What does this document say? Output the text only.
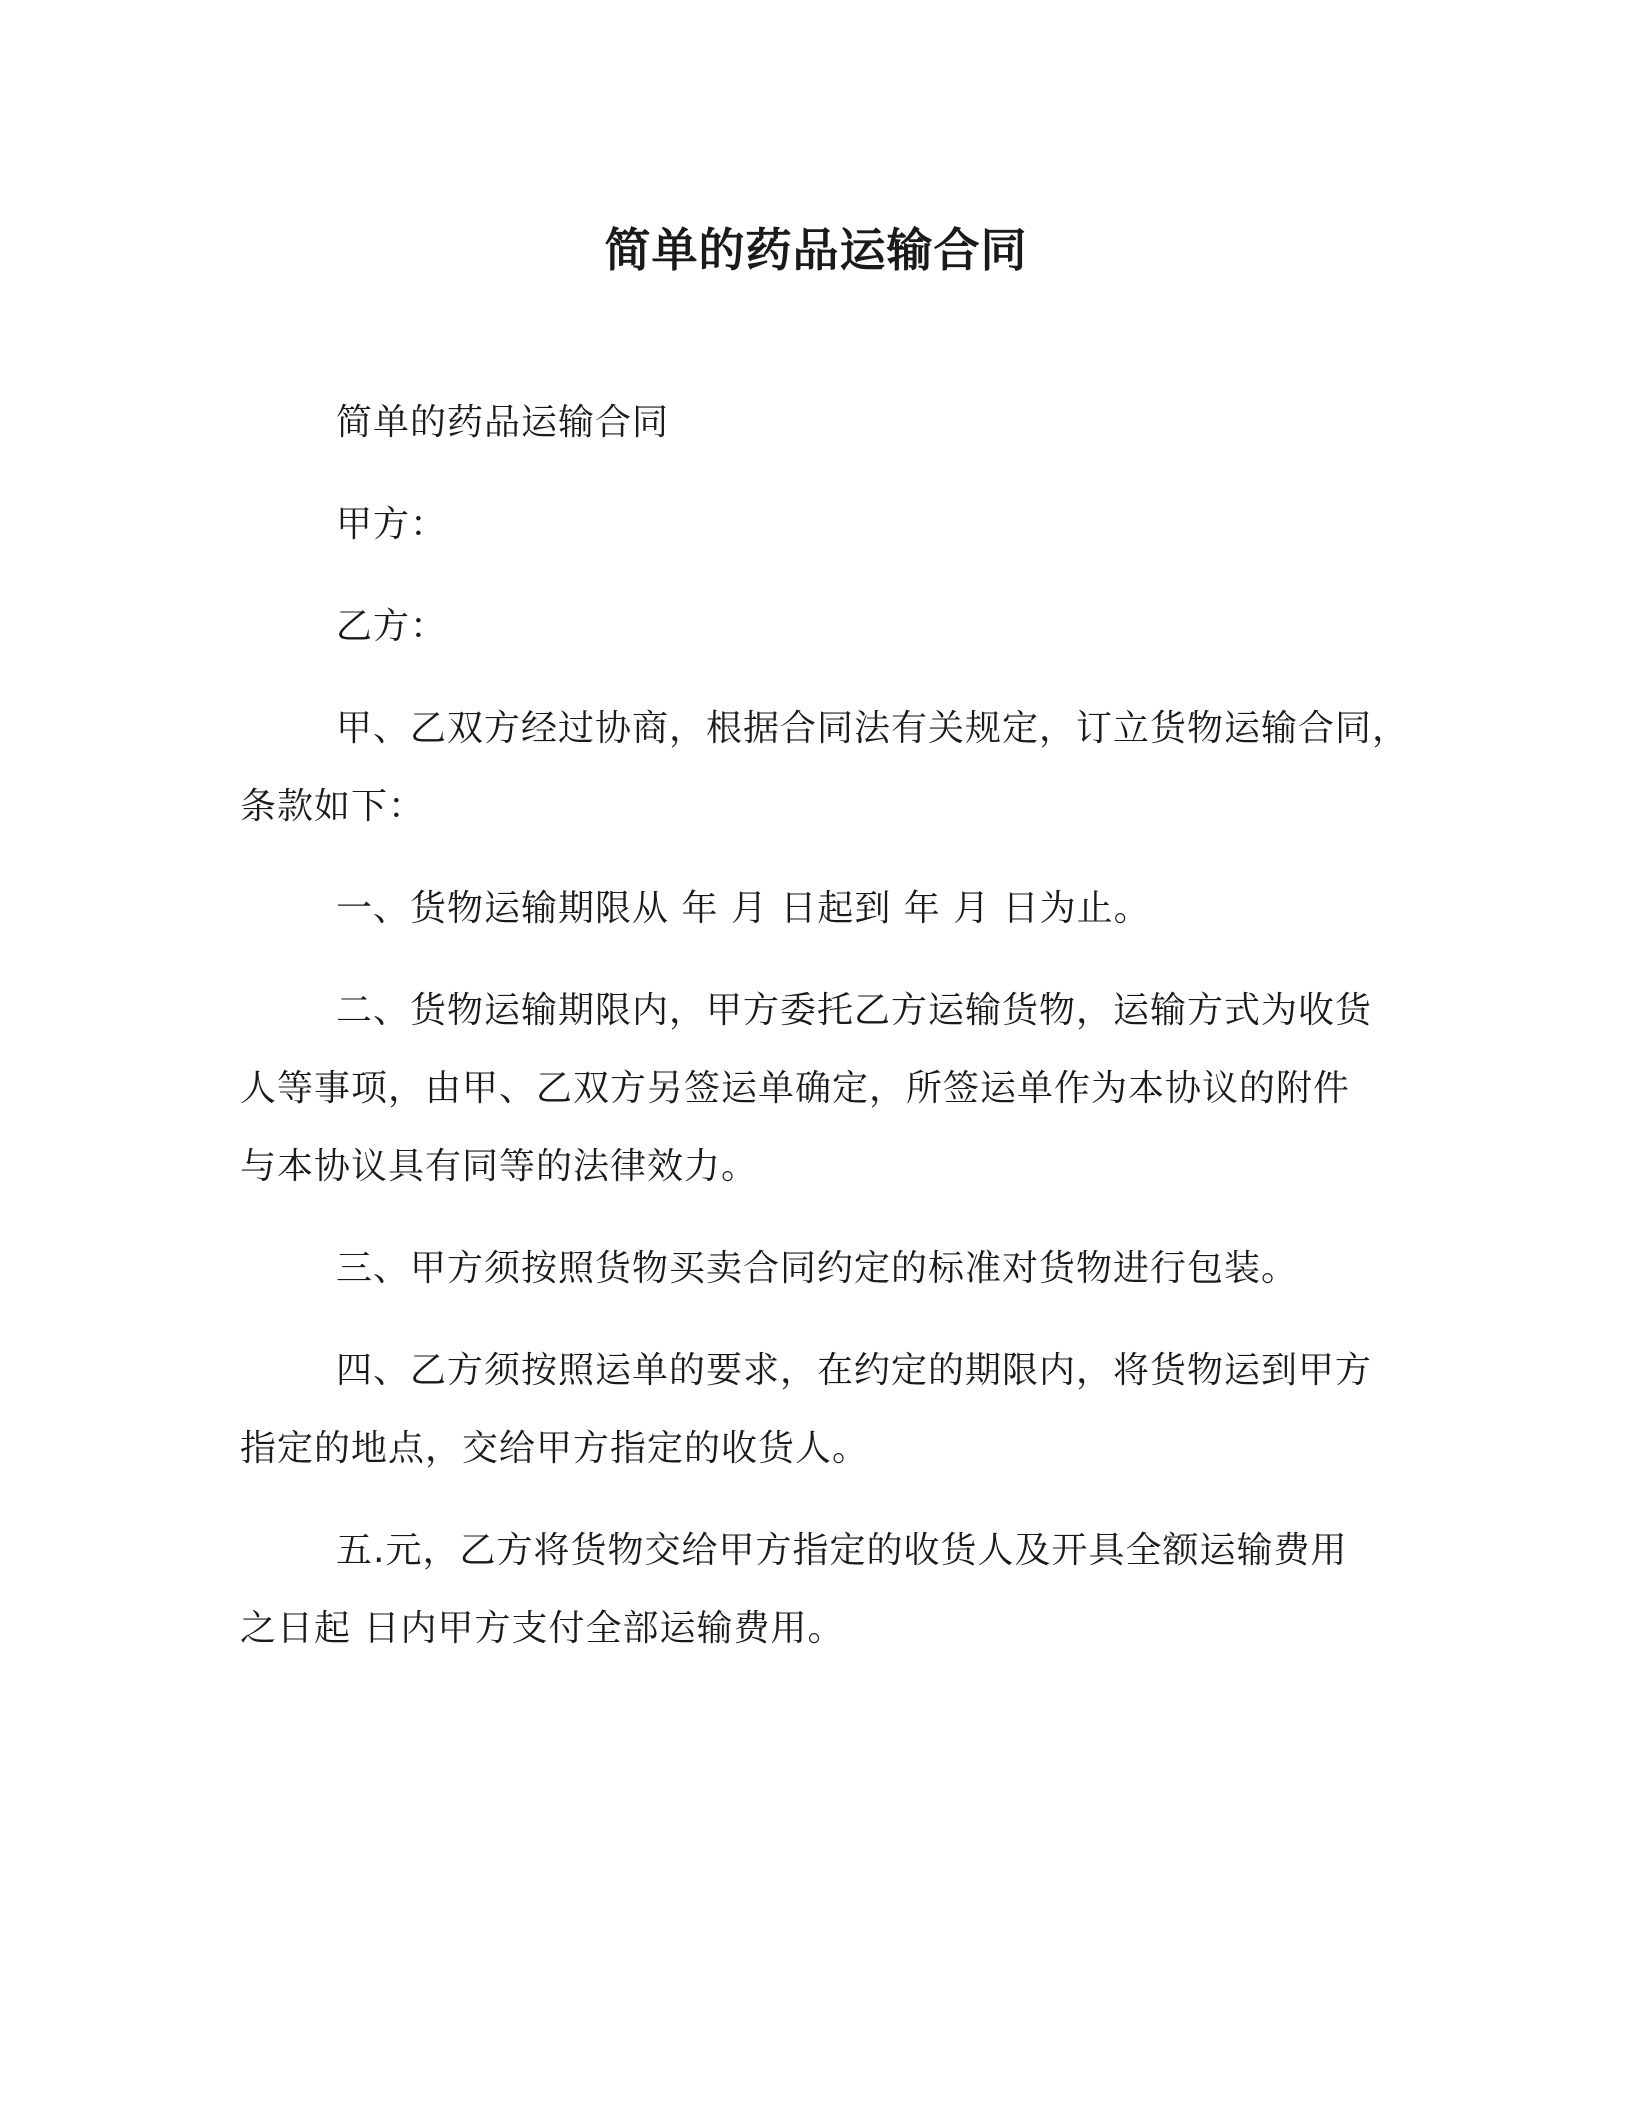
简单的药品运输合同
简单的药品运输合同
甲方：
乙方：
甲、乙双方经过协商，根据合同法有关规定，订立货物运输合同，
条款如下：
一、货物运输期限从 年 月 日起到 年 月 日为止。
二、货物运输期限内，甲方委托乙方运输货物，运输方式为收货
人等事项，由甲、乙双方另签运单确定，所签运单作为本协议的附件
与本协议具有同等的法律效力。
三、甲方须按照货物买卖合同约定的标准对货物进行包装。
四、乙方须按照运单的要求，在约定的期限内，将货物运到甲方
指定的地点，交给甲方指定的收货人。
五.元，乙方将货物交给甲方指定的收货人及开具全额运输费用
之日起 日内甲方支付全部运输费用。
